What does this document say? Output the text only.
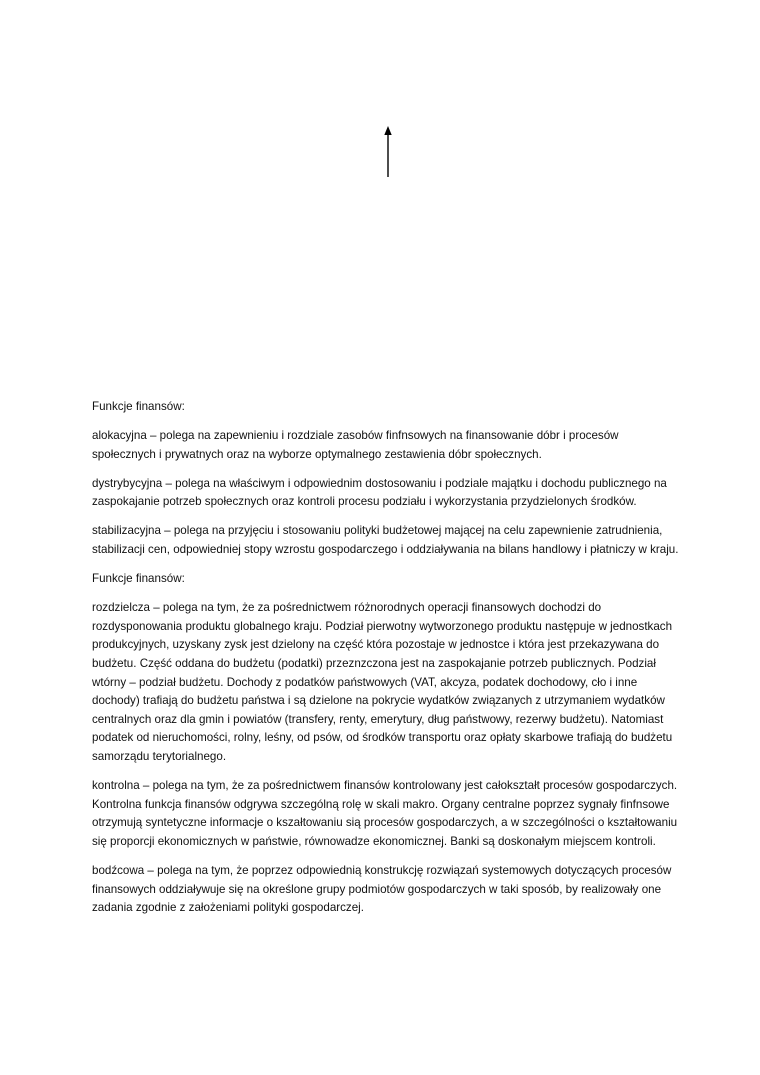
Funkcje finansów:

alokacyjna – polega na zapewnieniu i rozdziale zasobów finfnsowych na finansowanie dóbr i procesów społecznych i prywatnych oraz na wyborze optymalnego zestawienia dóbr społecznych.

dystrybycyjna – polega na właściwym i odpowiednim dostosowaniu i podziale majątku i dochodu publicznego na zaspokajanie potrzeb społecznych oraz kontroli procesu podziału i wykorzystania przydzielonych środków.

stabilizacyjna – polega na przyjęciu i stosowaniu polityki budżetowej mającej na celu zapewnienie zatrudnienia, stabilizacji cen, odpowiedniej stopy wzrostu gospodarczego i oddziaływania na bilans handlowy i płatniczy w kraju.

Funkcje finansów:

rozdzielcza – polega na tym, że za pośrednictwem różnorodnych operacji finansowych dochodzi do rozdysponowania produktu globalnego kraju. Podział pierwotny wytworzonego produktu następuje w jednostkach produkcyjnych, uzyskany zysk jest dzielony na część która pozostaje w jednostce i która jest przekazywana do budżetu. Część oddana do budżetu (podatki) przeznzczona jest na zaspokajanie potrzeb publicznych. Podział wtórny – podział budżetu. Dochody z podatków państwowych (VAT, akcyza, podatek dochodowy, cło i inne dochody) trafiają do budżetu państwa i są dzielone na pokrycie wydatków związanych z utrzymaniem wydatków centralnych oraz dla gmin i powiatów (transfery, renty, emerytury, dług państwowy, rezerwy budżetu). Natomiast podatek od nieruchomości, rolny, leśny, od psów, od środków transportu oraz opłaty skarbowe trafiają do budżetu samorządu terytorialnego.

kontrolna – polega na tym, że za pośrednictwem finansów kontrolowany jest całokształt procesów gospodarczych. Kontrolna funkcja finansów odgrywa szczególną rolę w skali makro. Organy centralne poprzez sygnały finfnsowe otrzymują syntetyczne informacje o kszałtowaniu sią procesów gospodarczych, a w szczególności o kształtowaniu się proporcji ekonomicznych w państwie, równowadze ekonomicznej. Banki są doskonałym miejscem kontroli.

bodźcowa – polega na tym, że poprzez odpowiednią konstrukcję rozwiązań systemowych dotyczących procesów finansowych oddziaływuje się na określone grupy podmiotów gospodarczych w taki sposób, by realizowały one zadania zgodnie z założeniami polityki gospodarczej.
